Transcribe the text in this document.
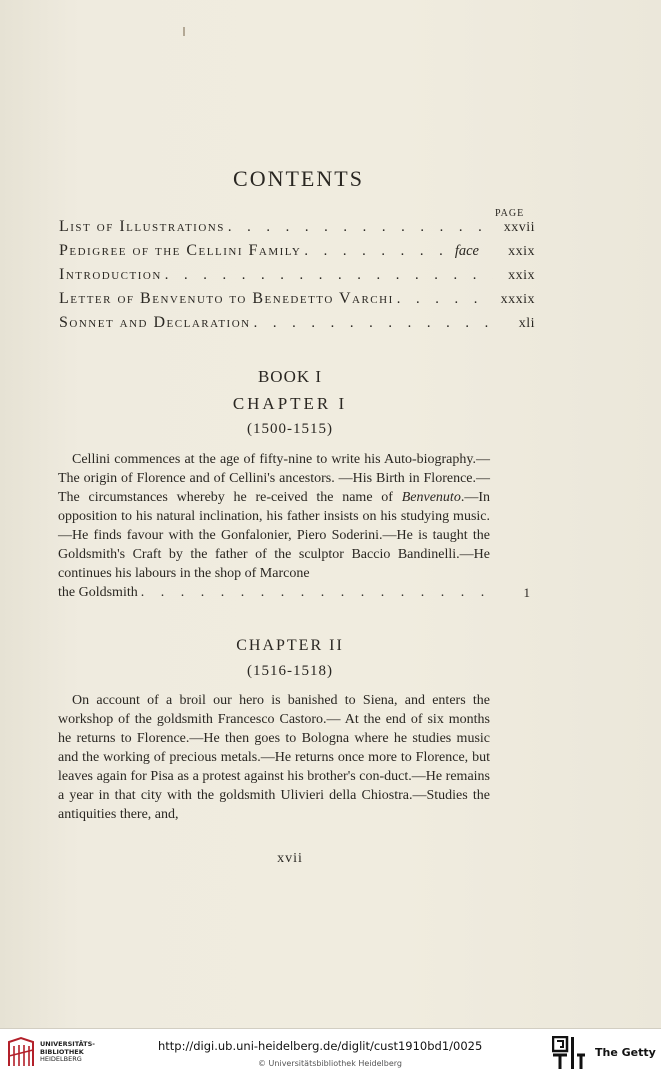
CONTENTS
PAGE
List of Illustrations . . .	xxvii
Pedigree of the Cellini Family . . .	face	xxix
Introduction . . .	xxix
Letter of Benvenuto to Benedetto Varchi . . .	xxxix
Sonnet and Declaration . . .	xli
BOOK I
CHAPTER I
(1500-1515)

Cellini commences at the age of fifty-nine to write his Auto-biography.—The origin of Florence and of Cellini's ancestors. —His Birth in Florence.—The circumstances whereby he re-ceived the name of Benvenuto.—In opposition to his natural inclination, his father insists on his studying music.—He finds favour with the Gonfalonier, Piero Soderini.—He is taught the Goldsmith's Craft by the father of the sculptor Baccio Bandinelli.—He continues his labours in the shop of Marcone

the Goldsmith . . .	1
CHAPTER II
(1516-1518)

On account of a broil our hero is banished to Siena, and enters the workshop of the goldsmith Francesco Castoro.— At the end of six months he returns to Florence.—He then goes to Bologna where he studies music and the working of precious metals.—He returns once more to Florence, but leaves again for Pisa as a protest against his brother's con-duct.—He remains a year in that city with the goldsmith Ulivieri della Chiostra.—Studies the antiquities there, and,

xvii
UNIVERSITÄTS-
BIBLIOTHEK
HEIDELBERG
http://digi.ub.uni-heidelberg.de/diglit/cust1910bd1/0025
© Universitätsbibliothek Heidelberg
The Getty
